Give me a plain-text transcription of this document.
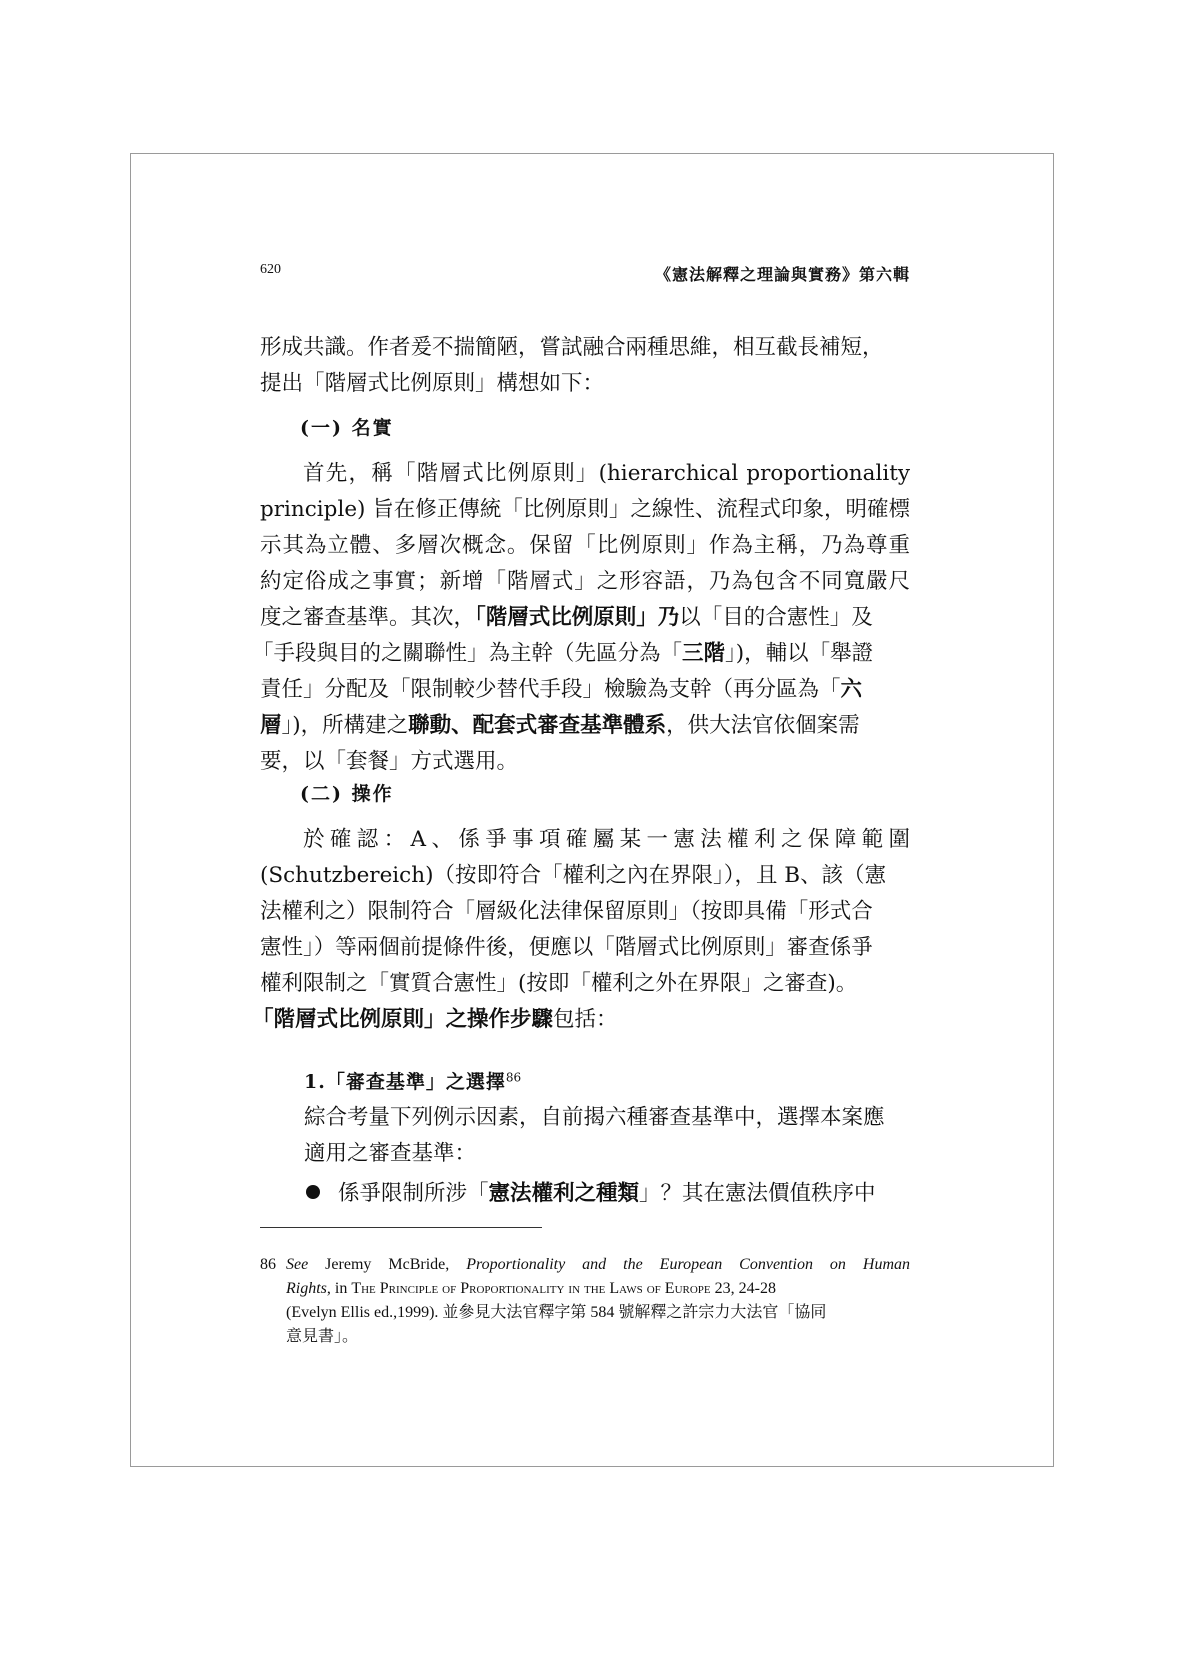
620	《憲法解釋之理論與實務》第六輯
形成共識。作者爰不揣簡陋，嘗試融合兩種思維，相互截長補短，
提出「階層式比例原則」構想如下：
(一) 名實
首先，稱「階層式比例原則」(hierarchical proportionality
principle) 旨在修正傳統「比例原則」之線性、流程式印象，明確標
示其為立體、多層次概念。保留「比例原則」作為主稱，乃為尊重
約定俗成之事實；新增「階層式」之形容語，乃為包含不同寬嚴尺
度之審查基準。其次，「階層式比例原則」乃以「目的合憲性」及
「手段與目的之關聯性」為主幹（先區分為「三階」)，輔以「舉證
責任」分配及「限制較少替代手段」檢驗為支幹（再分區為「六
層」)，所構建之聯動、配套式審查基準體系，供大法官依個案需
要，以「套餐」方式選用。
(二) 操作
於確認：A、係爭事項確屬某一憲法權利之保障範圍
(Schutzbereich)（按即符合「權利之內在界限」），且 B、該（憲
法權利之）限制符合「層級化法律保留原則」（按即具備「形式合
憲性」）等兩個前提條件後，便應以「階層式比例原則」審查係爭
權利限制之「實質合憲性」(按即「權利之外在界限」之審查)。
「階層式比例原則」之操作步驟包括：
1.「審查基準」之選擇$^{86}$
綜合考量下列例示因素，自前揭六種審查基準中，選擇本案應
適用之審查基準：
係爭限制所涉「憲法權利之種類」？其在憲法價值秩序中
86 See Jeremy McBride, Proportionality and the European Convention on Human
Rights, in The Principle of Proportionality in the Laws of Europe 23, 24-28
(Evelyn Ellis ed.,1999). 並參見大法官釋字第 584 號解釋之許宗力大法官「協同
意見書」。
